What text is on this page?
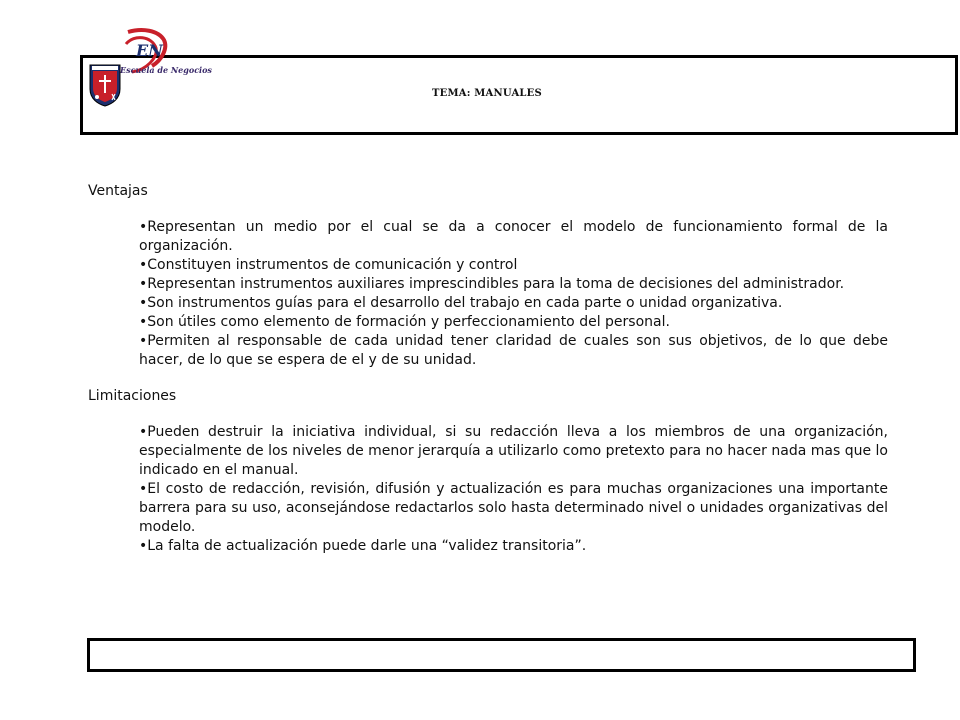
EN
Escuela de Negocios
TEMA: MANUALES

Ventajas

•Representan un medio por el cual se da a conocer el modelo de funcionamiento formal de la organización.
•Constituyen instrumentos de comunicación y control
•Representan instrumentos auxiliares imprescindibles para la toma de decisiones del administrador.
•Son instrumentos guías para el desarrollo del trabajo en cada parte o unidad organizativa.
•Son útiles como elemento de formación y perfeccionamiento del personal.
•Permiten al responsable de cada unidad tener claridad de cuales son sus objetivos, de lo que debe hacer, de lo que se espera de el y de su unidad.

Limitaciones

•Pueden destruir la iniciativa individual, si su redacción lleva a los miembros de una organización, especialmente de los niveles de menor jerarquía a utilizarlo como pretexto para no hacer nada mas que lo indicado en el manual.
•El costo de redacción, revisión, difusión y actualización es para muchas organizaciones una importante barrera para su uso, aconsejándose redactarlos solo hasta determinado nivel o unidades organizativas del modelo.
•La falta de actualización puede darle una “validez transitoria”.
